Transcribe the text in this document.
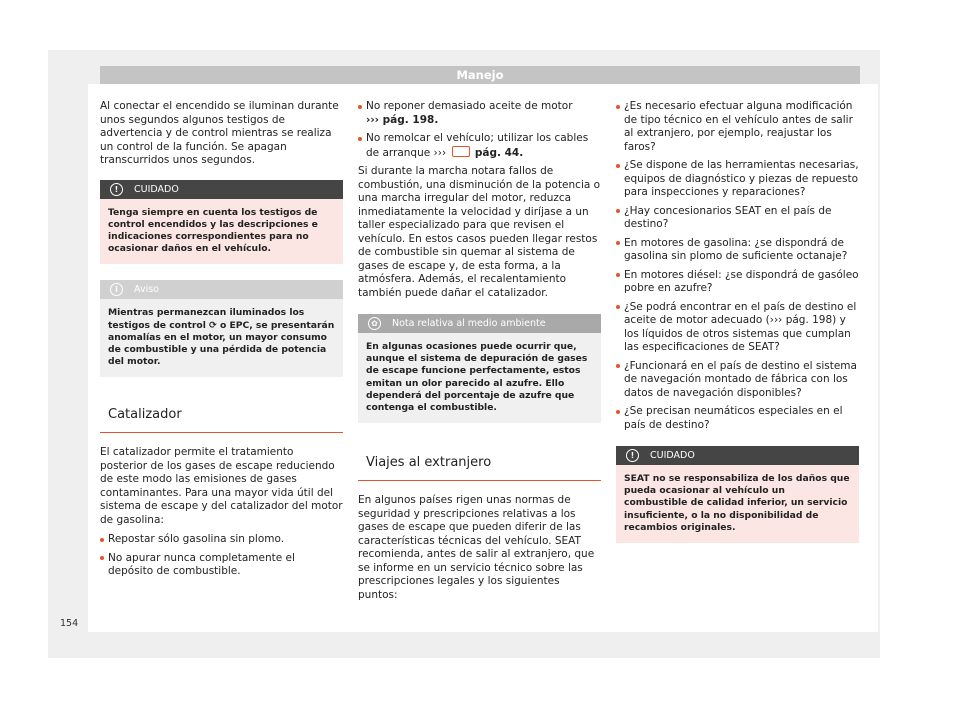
Manejo

Al conectar el encendido se iluminan durante unos segundos algunos testigos de advertencia y de control mientras se realiza un control de la función. Se apagan transcurridos unos segundos.

!	CUIDADO
Tenga siempre en cuenta los testigos de control encendidos y las descripciones e indicaciones correspondientes para no ocasionar daños en el vehículo.
i	Aviso
Mientras permanezcan iluminados los testigos de control ⟳ o EPC, se presentarán anomalías en el motor, un mayor consumo de combustible y una pérdida de potencia del motor.
Catalizador

El catalizador permite el tratamiento posterior de los gases de escape reduciendo de este modo las emisiones de gases contaminantes. Para una mayor vida útil del sistema de escape y del catalizador del motor de gasolina:

Repostar sólo gasolina sin plomo.

No apurar nunca completamente el depósito de combustible.

No reponer demasiado aceite de motor
››› pág. 198.

No remolcar el vehículo; utilizar los cables de arranque ›››	pág. 44.

Si durante la marcha notara fallos de combustión, una disminución de la potencia o una marcha irregular del motor, reduzca inmediatamente la velocidad y diríjase a un taller especializado para que revisen el vehículo. En estos casos pueden llegar restos de combustible sin quemar al sistema de gases de escape y, de esta forma, a la atmósfera. Además, el recalentamiento también puede dañar el catalizador.

✿	Nota relativa al medio ambiente
En algunas ocasiones puede ocurrir que, aunque el sistema de depuración de gases de escape funcione perfectamente, estos emitan un olor parecido al azufre. Ello dependerá del porcentaje de azufre que contenga el combustible.
Viajes al extranjero

En algunos países rigen unas normas de seguridad y prescripciones relativas a los gases de escape que pueden diferir de las características técnicas del vehículo. SEAT recomienda, antes de salir al extranjero, que se informe en un servicio técnico sobre las prescripciones legales y los siguientes puntos:

¿Es necesario efectuar alguna modificación de tipo técnico en el vehículo antes de salir al extranjero, por ejemplo, reajustar los faros?

¿Se dispone de las herramientas necesarias, equipos de diagnóstico y piezas de repuesto para inspecciones y reparaciones?

¿Hay concesionarios SEAT en el país de destino?

En motores de gasolina: ¿se dispondrá de gasolina sin plomo de suficiente octanaje?

En motores diésel: ¿se dispondrá de gasóleo pobre en azufre?

¿Se podrá encontrar en el país de destino el aceite de motor adecuado (››› pág. 198) y los líquidos de otros sistemas que cumplan las especificaciones de SEAT?

¿Funcionará en el país de destino el sistema de navegación montado de fábrica con los datos de navegación disponibles?

¿Se precisan neumáticos especiales en el país de destino?

!	CUIDADO
SEAT no se responsabiliza de los daños que pueda ocasionar al vehículo un combustible de calidad inferior, un servicio insuficiente, o la no disponibilidad de recambios originales.
154
